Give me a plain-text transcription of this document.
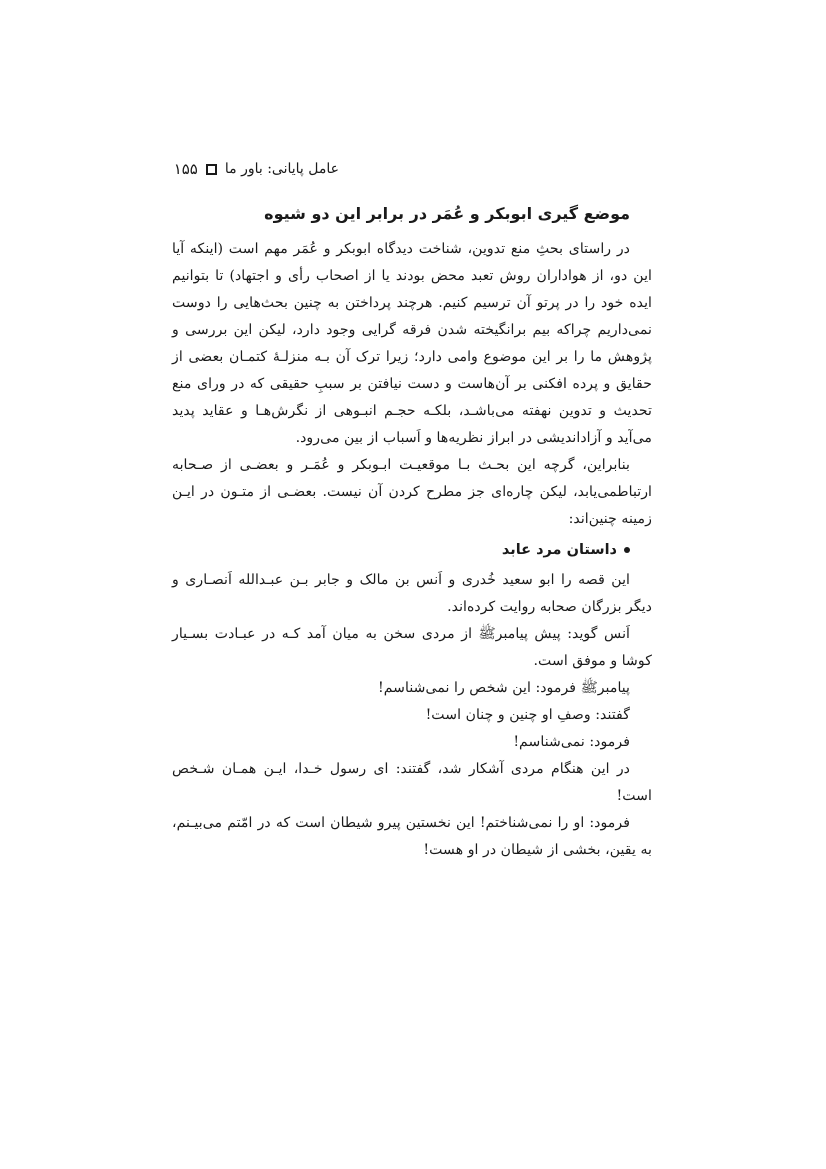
عامل پایانی: باور ما
۱۵۵
موضع گیری ابوبکر و عُمَر در برابر این دو شیوه

در راستای بحثِ منع تدوین، شناخت دیدگاه ابوبکر و عُمَر مهم است (اینکه آیا این دو، از هواداران روش تعبد محض بودند یا از اصحاب رأی و اجتهاد) تا بتوانیم ایده خود را در پرتو آن ترسیم کنیم. هرچند پرداختن به چنین بحث‌هایی را دوست نمی‌داریم چراکه بیم برانگیخته شدن فرقه گرایی وجود دارد، لیکن این بررسی و پژوهش ما را بر این موضوع وامی دارد؛ زیرا ترک آن بـه منزلـهٔ کتمـان بعضی از حقایق و پرده افکنی بر آن‌هاست و دست نیافتن بر سببِ حقیقی که در ورای منع تحدیث و تدوین نهفته می‌باشـد، بلکـه حجـم انبـوهی از نگرش‌هـا و عقاید پدید می‌آید و آزاداندیشی در ابراز نظریه‌ها و اَسباب از بین می‌رود.

بنابراین، گرچه این بحـث بـا موقعیـت ابـوبکر و عُمَـر و بعضـی از صـحابه ارتباطمی‌یابد، لیکن چاره‌ای جز مطرح کردن آن نیست. بعضـی از متـون در ایـن زمینه چنین‌اند:

داستان مرد عابد

این قصه را ابو سعید خُدری و اَنس بن مالک و جابر بـن عبـدالله اَنصـاری و دیگر بزرگان صحابه روایت کرده‌اند.

اَنس گوید: پیش پیامبرﷺ از مردی سخن به میان آمد کـه در عبـادت بسـیار کوشا و موفق است.

پیامبرﷺ فرمود: این شخص را نمی‌شناسم!

گفتند: وصفِ او چنین و چنان است!

فرمود: نمی‌شناسم!

در این هنگام مردی آشکار شد، گفتند: ای رسول خـدا، ایـن همـان شـخص است!

فرمود: او را نمی‌شناختم! این نخستین پیرو شیطان است که در امّتم می‌بیـنم، به یقین، بخشی از شیطان در او هست!
